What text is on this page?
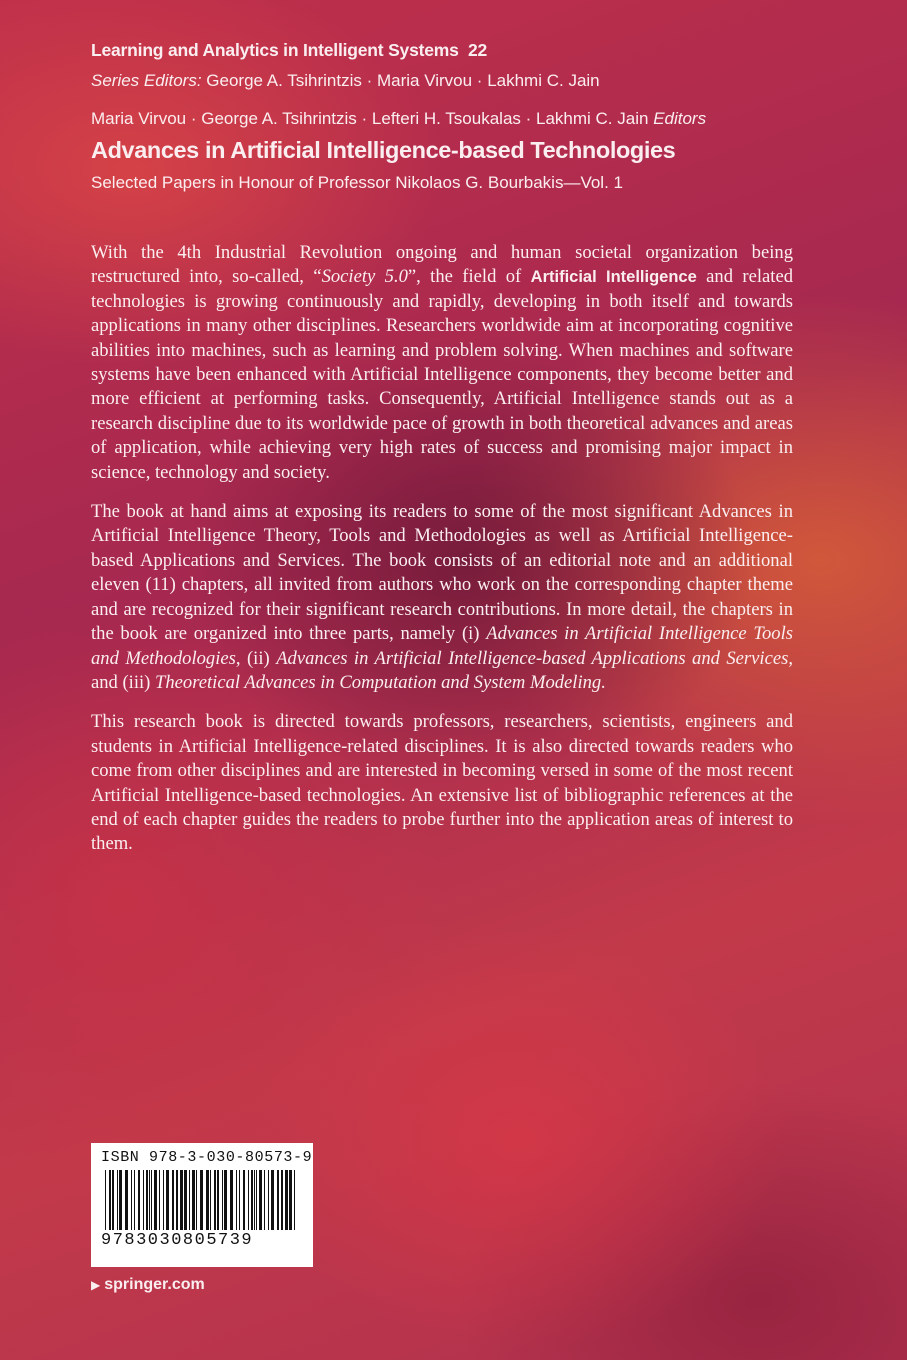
Learning and Analytics in Intelligent Systems 22
Series Editors: George A. Tsihrintzis · Maria Virvou · Lakhmi C. Jain
Maria Virvou · George A. Tsihrintzis · Lefteri H. Tsoukalas · Lakhmi C. Jain Editors
Advances in Artificial Intelligence-based Technologies
Selected Papers in Honour of Professor Nikolaos G. Bourbakis—Vol. 1

With the 4th Industrial Revolution ongoing and human societal organization being restructured into, so-called, “Society 5.0”, the field of Artificial Intelligence and related technologies is growing continuously and rapidly, developing in both itself and towards applications in many other disciplines. Researchers worldwide aim at incorporating cognitive abilities into machines, such as learning and problem solving. When machines and software systems have been enhanced with Artificial Intelligence components, they become better and more efficient at performing tasks. Consequently, Artificial Intelligence stands out as a research discipline due to its worldwide pace of growth in both theoretical advances and areas of application, while achieving very high rates of success and promising major impact in science, technology and society.

The book at hand aims at exposing its readers to some of the most significant Advances in Artificial Intelligence Theory, Tools and Methodologies as well as Artificial Intelligence-based Applications and Services. The book consists of an editorial note and an additional eleven (11) chapters, all invited from authors who work on the corresponding chapter theme and are recognized for their significant research contributions. In more detail, the chapters in the book are organized into three parts, namely (i) Advances in Artificial Intelligence Tools and Methodologies, (ii) Advances in Artificial Intelligence-based Applications and Services, and (iii) Theoretical Advances in Computation and System Modeling.

This research book is directed towards professors, researchers, scientists, engineers and students in Artificial Intelligence-related disciplines. It is also directed towards readers who come from other disciplines and are interested in becoming versed in some of the most recent Artificial Intelligence-based technologies. An extensive list of bibliographic references at the end of each chapter guides the readers to probe further into the application areas of interest to them.

ISBN 978-3-030-80573-9
9783030805739
▶ springer.com
